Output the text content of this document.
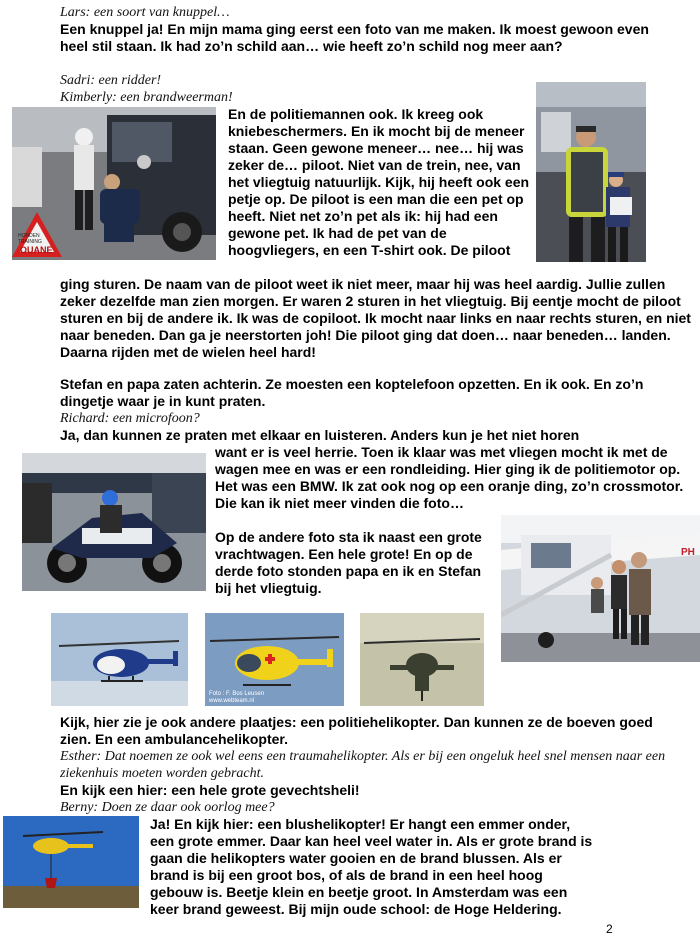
Lars: een soort van knuppel…

Een knuppel ja! En mijn mama ging eerst een foto van me maken. Ik moest gewoon even heel stil staan. Ik had zo’n schild aan… wie heeft zo’n schild nog meer aan?

Sadri: een ridder!

Kimberly: een brandweerman!

En de politiemannen ook. Ik kreeg ook kniebeschermers. En ik mocht bij de meneer staan. Geen gewone meneer… nee… hij was zeker de… piloot. Niet van de trein, nee, van het vliegtuig natuurlijk. Kijk, hij heeft ook een petje op. De piloot is een man die een pet op heeft. Niet net zo’n pet als ik: hij had een gewone pet. Ik had de pet van de hoogvliegers, en een T-shirt ook. De piloot

ging sturen. De naam van de piloot weet ik niet meer, maar hij was heel aardig. Jullie zullen zeker dezelfde man zien morgen. Er waren 2 sturen in het vliegtuig. Bij eentje mocht de piloot sturen en bij de andere ik. Ik was de copiloot. Ik mocht naar links en naar rechts sturen, en niet naar beneden. Dan ga je neerstorten joh! Die piloot ging dat doen… naar beneden… landen. Daarna rijden met de wielen heel hard!

Stefan en papa zaten achterin. Ze moesten een koptelefoon opzetten. En ik ook. En zo’n dingetje waar je in kunt praten.

Richard: een microfoon?

Ja, dan kunnen ze praten met elkaar en luisteren. Anders kun je het niet horen

want er is veel herrie. Toen ik klaar was met vliegen mocht ik met de wagen mee en was er een rondleiding. Hier ging ik de politiemotor op. Het was een BMW. Ik zat ook nog op een oranje ding, zo’n crossmotor. Die kan ik niet meer vinden die foto…

Op de andere foto sta ik naast een grote vrachtwagen. Een hele grote! En op de derde foto stonden papa en ik en Stefan bij het vliegtuig.

Kijk, hier zie je ook andere plaatjes: een politiehelikopter. Dan kunnen ze de boeven goed zien. En een ambulancehelikopter.

Esther: Dat noemen ze ook wel eens een traumahelikopter. Als er bij een ongeluk heel snel mensen naar een ziekenhuis moeten worden gebracht.

En kijk een hier: een hele grote gevechtsheli!

Berny: Doen ze daar ook oorlog mee?

Ja! En kijk hier: een blushelikopter! Er hangt een emmer onder, een grote emmer. Daar kan heel veel water in. Als er grote brand is gaan die helikopters water gooien en de brand blussen. Als er brand is bij een groot bos, of als de brand in een heel hoog gebouw is. Beetje klein en beetje groot. In Amsterdam was een keer brand geweest. Bij mijn oude school: de Hoge Heldering.

HONDEN
TRAINING
OUANE
PH
Foto : F. Bos Leusen
www.webteam.nl
2
